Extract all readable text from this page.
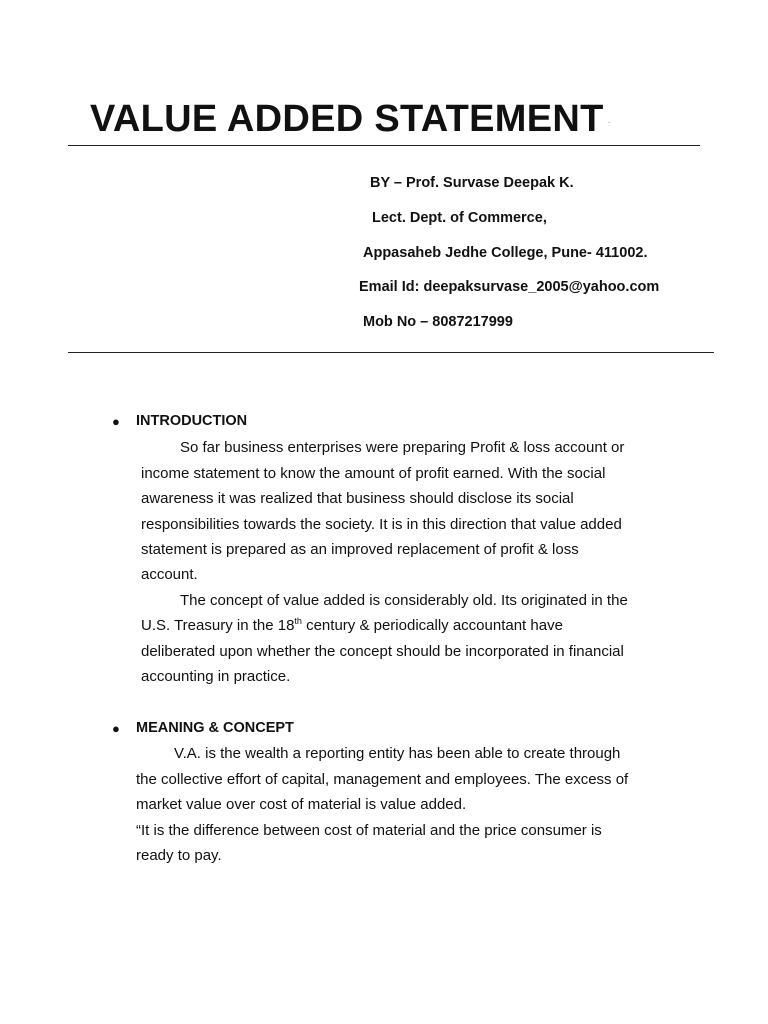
VALUE ADDED STATEMENT .
BY – Prof. Survase Deepak K.
Lect. Dept. of Commerce,
Appasaheb Jedhe College, Pune- 411002.
Email Id: deepaksurvase_2005@yahoo.com
Mob No – 8087217999
● INTRODUCTION
So far business enterprises were preparing Profit & loss account or
income statement to know the amount of profit earned. With the social
awareness it was realized that business should disclose its social
responsibilities towards the society. It is in this direction that value added
statement is prepared as an improved replacement of profit & loss
account.
The concept of value added is considerably old. Its originated in the
U.S. Treasury in the 18th century & periodically accountant have
deliberated upon whether the concept should be incorporated in financial
accounting in practice.
● MEANING & CONCEPT
V.A. is the wealth a reporting entity has been able to create through
the collective effort of capital, management and employees. The excess of
market value over cost of material is value added.
“It is the difference between cost of material and the price consumer is
ready to pay.
